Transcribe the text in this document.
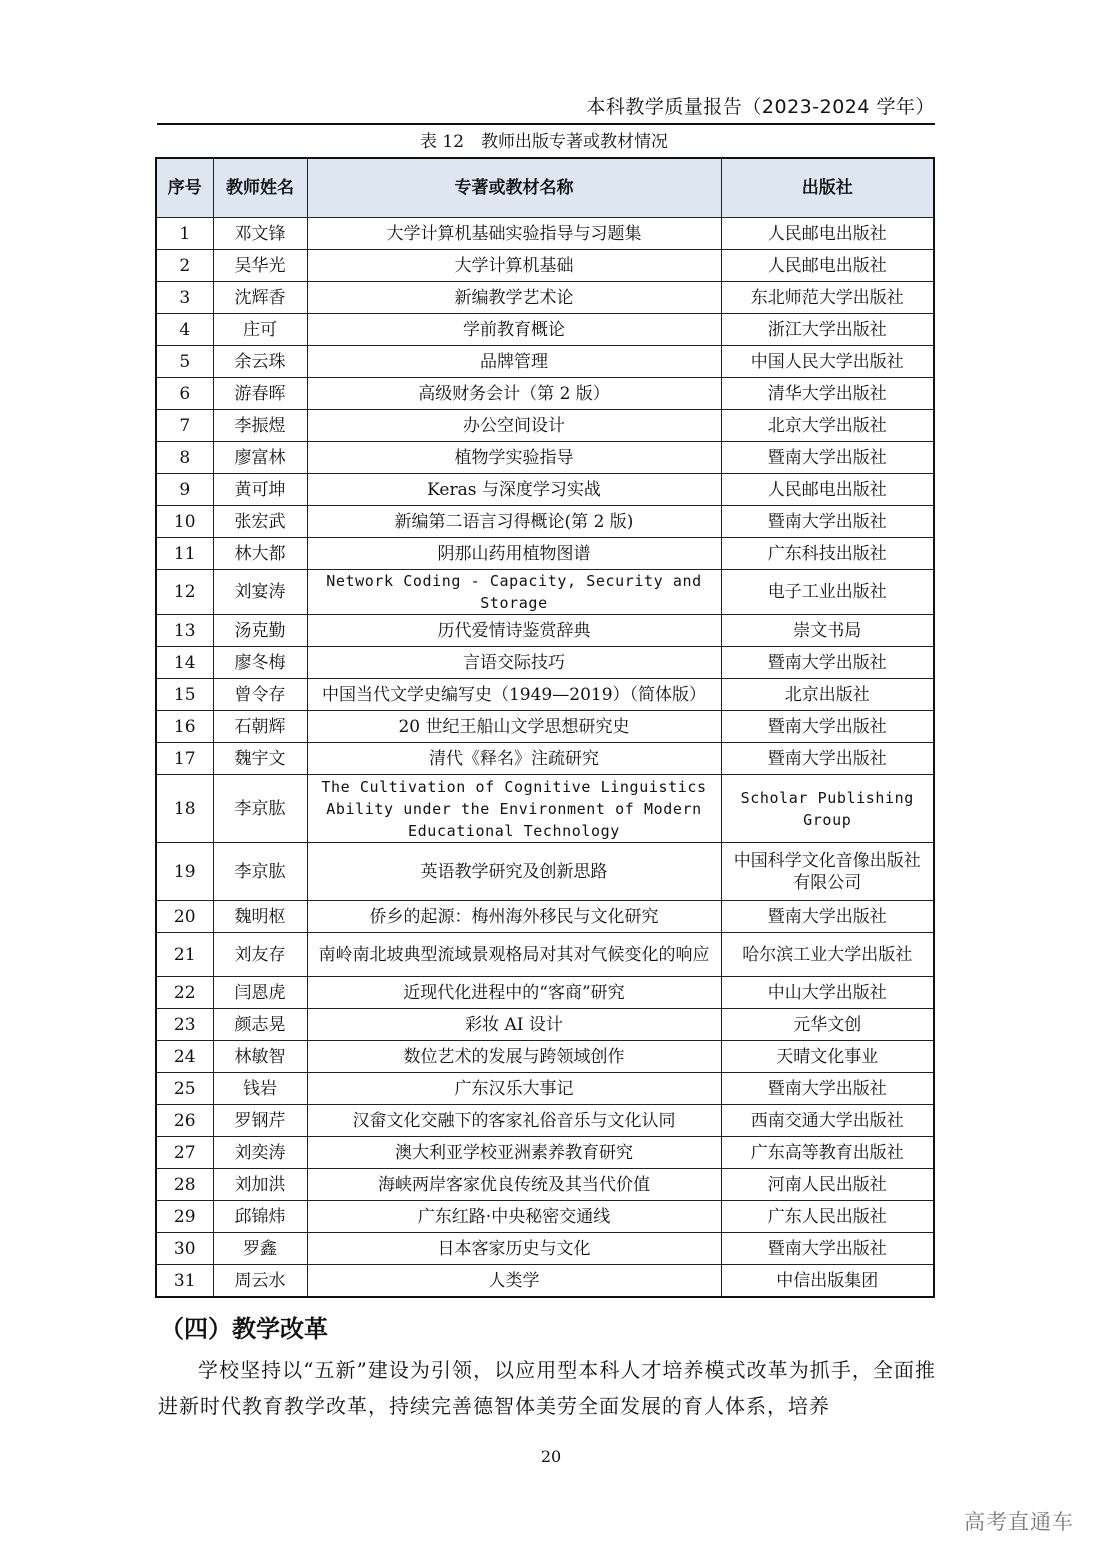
本科教学质量报告（2023-2024 学年）
表 12　教师出版专著或教材情况
序号	教师姓名	专著或教材名称	出版社
1	邓文锋	大学计算机基础实验指导与习题集	人民邮电出版社
2	吴华光	大学计算机基础	人民邮电出版社
3	沈辉香	新编教学艺术论	东北师范大学出版社
4	庄可	学前教育概论	浙江大学出版社
5	余云珠	品牌管理	中国人民大学出版社
6	游春晖	高级财务会计（第 2 版）	清华大学出版社
7	李振煜	办公空间设计	北京大学出版社
8	廖富林	植物学实验指导	暨南大学出版社
9	黄可坤	Keras 与深度学习实战	人民邮电出版社
10	张宏武	新编第二语言习得概论(第 2 版)	暨南大学出版社
11	林大都	阴那山药用植物图谱	广东科技出版社
12	刘宴涛	Network Coding - Capacity, Security and Storage	电子工业出版社
13	汤克勤	历代爱情诗鉴赏辞典	崇文书局
14	廖冬梅	言语交际技巧	暨南大学出版社
15	曾令存	中国当代文学史编写史（1949—2019）（简体版）	北京出版社
16	石朝辉	20 世纪王船山文学思想研究史	暨南大学出版社
17	魏宇文	清代《释名》注疏研究	暨南大学出版社
18	李京肱	The Cultivation of Cognitive Linguistics Ability under the Environment of Modern Educational Technology	Scholar Publishing Group
19	李京肱	英语教学研究及创新思路	中国科学文化音像出版社有限公司
20	魏明枢	侨乡的起源：梅州海外移民与文化研究	暨南大学出版社
21	刘友存	南岭南北坡典型流域景观格局对其对气候变化的响应	哈尔滨工业大学出版社
22	闫恩虎	近现代化进程中的“客商”研究	中山大学出版社
23	颜志晃	彩妆 AI 设计	元华文创
24	林敏智	数位艺术的发展与跨领域创作	天晴文化事业
25	钱岩	广东汉乐大事记	暨南大学出版社
26	罗钢芹	汉畲文化交融下的客家礼俗音乐与文化认同	西南交通大学出版社
27	刘奕涛	澳大利亚学校亚洲素养教育研究	广东高等教育出版社
28	刘加洪	海峡两岸客家优良传统及其当代价值	河南人民出版社
29	邱锦炜	广东红路·中央秘密交通线	广东人民出版社
30	罗鑫	日本客家历史与文化	暨南大学出版社
31	周云水	人类学	中信出版集团
（四）教学改革
学校坚持以“五新”建设为引领，以应用型本科人才培养模式改革为抓手，全面推进新时代教育教学改革，持续完善德智体美劳全面发展的育人体系，培养
20
高考直通车
